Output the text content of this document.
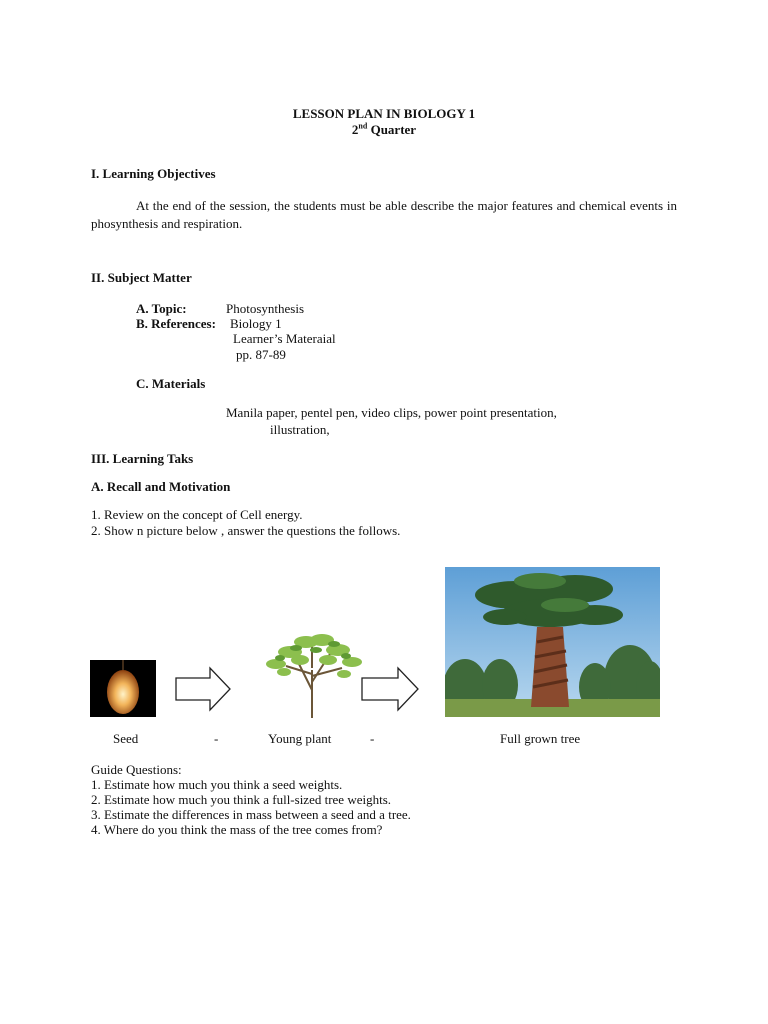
LESSON PLAN IN BIOLOGY 1
2nd Quarter
I. Learning Objectives
At the end of the session, the students must be able describe the major features and chemical events in phosynthesis and respiration.
II. Subject Matter
A. Topic:	Photosynthesis
B. References: Biology 1
Learner’s Materaial
pp. 87-89
C. Materials
Manila paper, pentel pen, video clips, power point presentation,
illustration,
III. Learning Taks
A. Recall and Motivation
1. Review on the concept of Cell energy.
2. Show n picture below , answer the questions the follows.
Seed	-	Young plant	-	Full grown tree
Guide Questions:
1. Estimate how much you think a seed weights.
2. Estimate how much you think a full-sized tree weights.
3. Estimate the differences in mass between a seed and a tree.
4. Where do you think the mass of the tree comes from?
